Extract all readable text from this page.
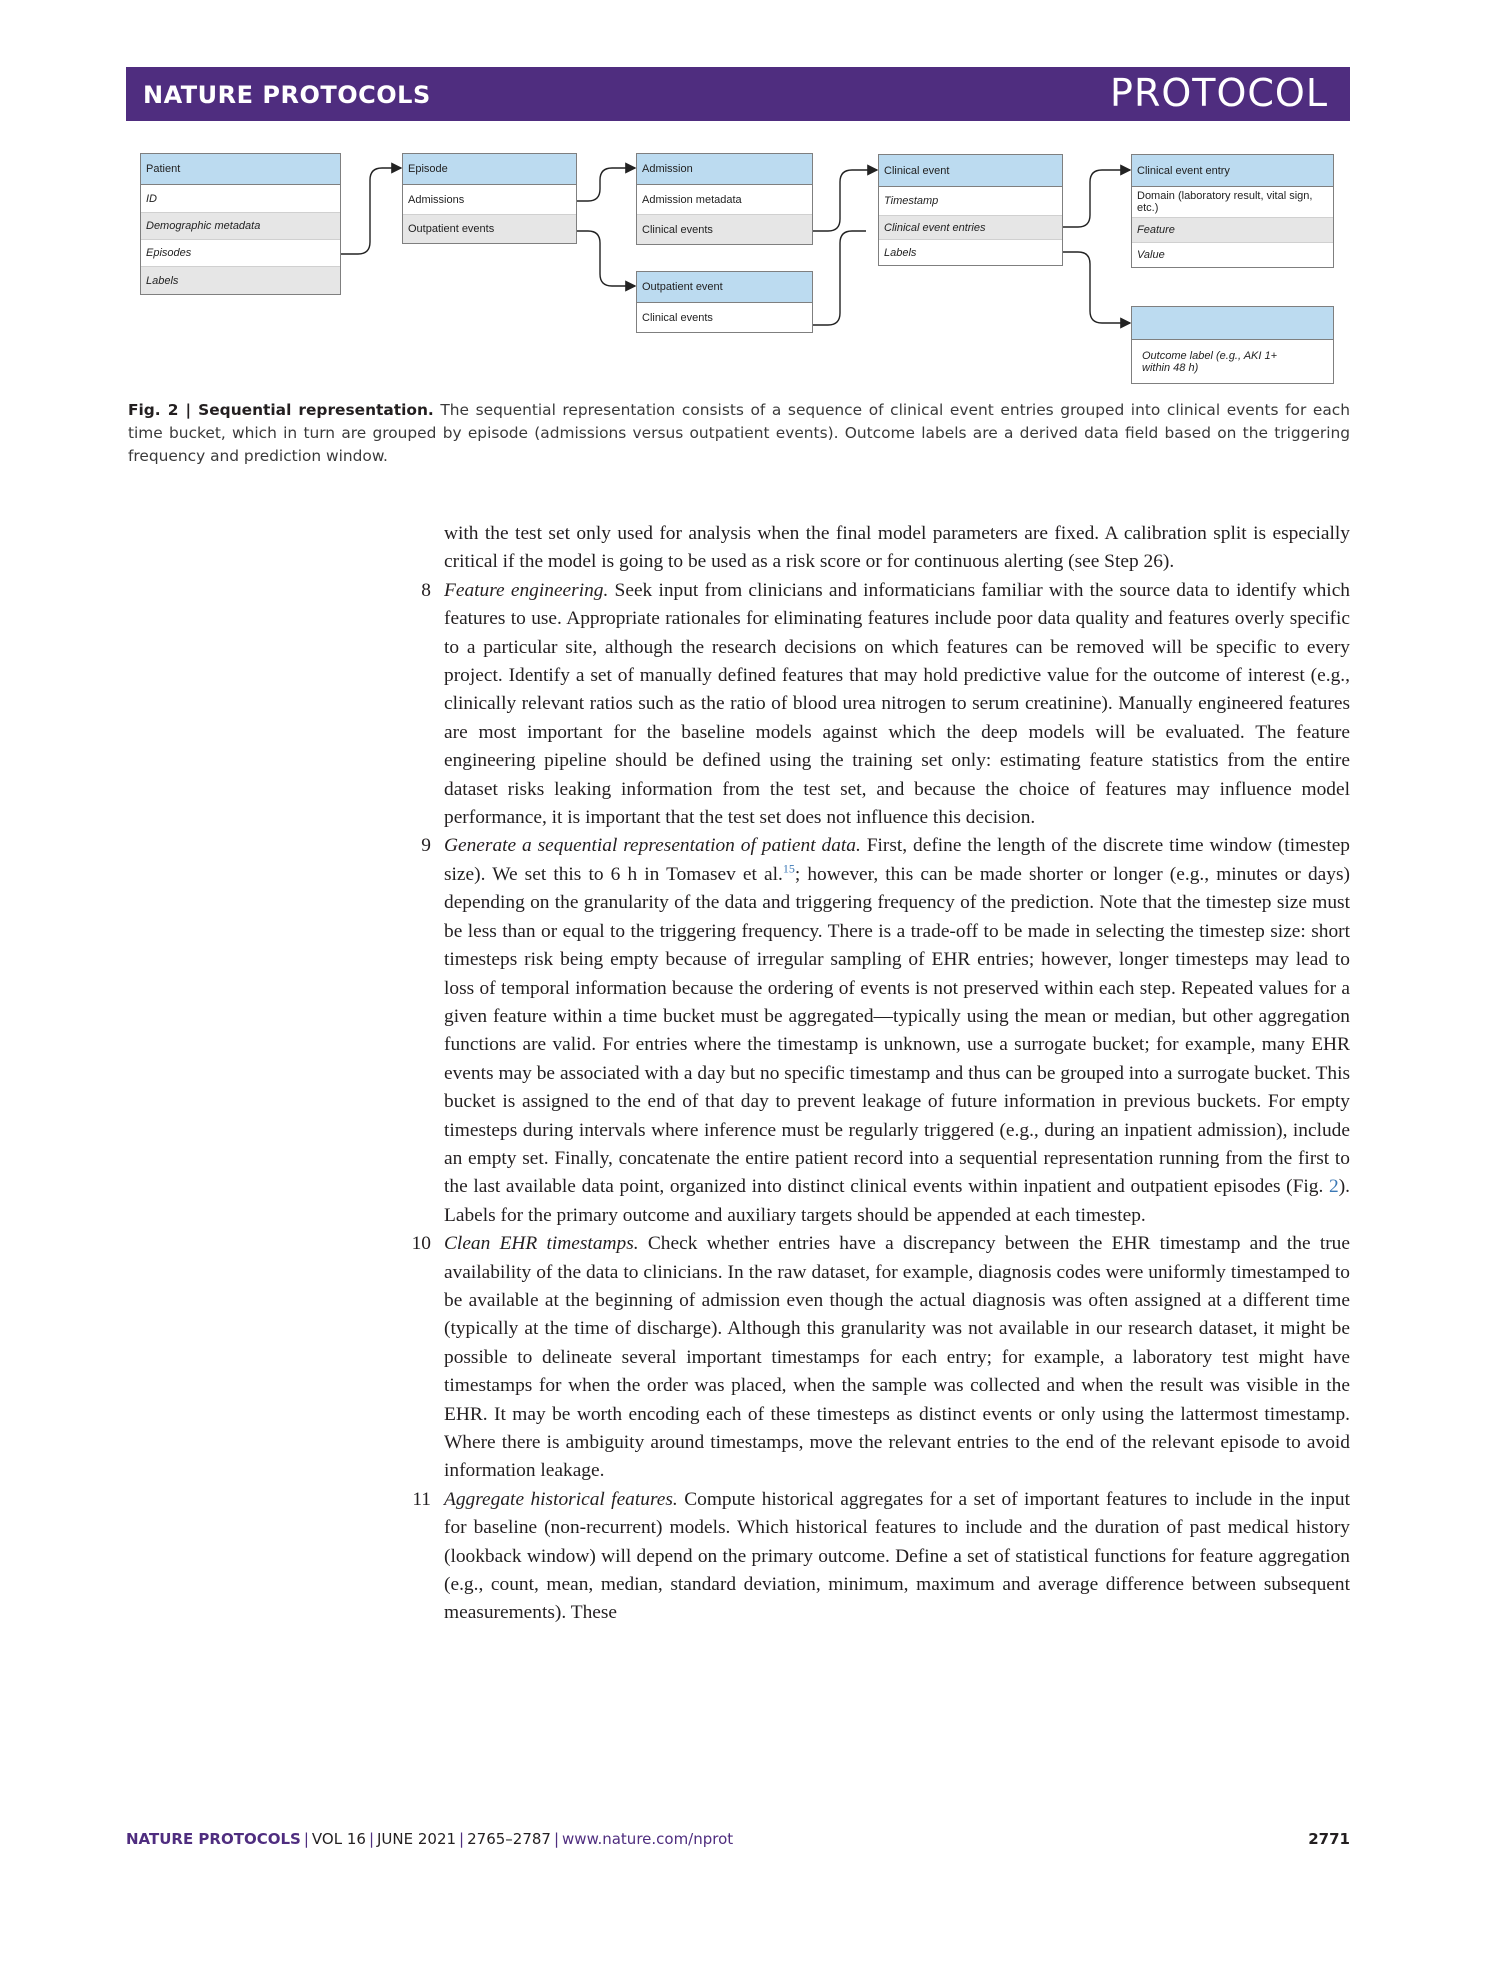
NATURE PROTOCOLS	PROTOCOL
Patient
ID
Demographic metadata
Episodes
Labels
Episode
Admissions
Outpatient events
Admission
Admission metadata
Clinical events
Outpatient event
Clinical events
Clinical event
Timestamp
Clinical event entries
Labels
Clinical event entry
Domain (laboratory result, vital sign, etc.)
Feature
Value
Outcome label (e.g., AKI 1+ within 48 h)
Fig. 2 | Sequential representation. The sequential representation consists of a sequence of clinical event entries grouped into clinical events for each time bucket, which in turn are grouped by episode (admissions versus outpatient events). Outcome labels are a derived data field based on the triggering frequency and prediction window.

with the test set only used for analysis when the final model parameters are fixed. A calibration split is especially critical if the model is going to be used as a risk score or for continuous alerting (see Step 26).

8 Feature engineering. Seek input from clinicians and informaticians familiar with the source data to identify which features to use. Appropriate rationales for eliminating features include poor data quality and features overly specific to a particular site, although the research decisions on which features can be removed will be specific to every project. Identify a set of manually defined features that may hold predictive value for the outcome of interest (e.g., clinically relevant ratios such as the ratio of blood urea nitrogen to serum creatinine). Manually engineered features are most important for the baseline models against which the deep models will be evaluated. The feature engineering pipeline should be defined using the training set only: estimating feature statistics from the entire dataset risks leaking information from the test set, and because the choice of features may influence model performance, it is important that the test set does not influence this decision.
9 Generate a sequential representation of patient data. First, define the length of the discrete time window (timestep size). We set this to 6 h in Tomasev et al.$^{15}$; however, this can be made shorter or longer (e.g., minutes or days) depending on the granularity of the data and triggering frequency of the prediction. Note that the timestep size must be less than or equal to the triggering frequency. There is a trade-off to be made in selecting the timestep size: short timesteps risk being empty because of irregular sampling of EHR entries; however, longer timesteps may lead to loss of temporal information because the ordering of events is not preserved within each step. Repeated values for a given feature within a time bucket must be aggregated—typically using the mean or median, but other aggregation functions are valid. For entries where the timestamp is unknown, use a surrogate bucket; for example, many EHR events may be associated with a day but no specific timestamp and thus can be grouped into a surrogate bucket. This bucket is assigned to the end of that day to prevent leakage of future information in previous buckets. For empty timesteps during intervals where inference must be regularly triggered (e.g., during an inpatient admission), include an empty set. Finally, concatenate the entire patient record into a sequential representation running from the first to the last available data point, organized into distinct clinical events within inpatient and outpatient episodes (Fig. 2). Labels for the primary outcome and auxiliary targets should be appended at each timestep.
10 Clean EHR timestamps. Check whether entries have a discrepancy between the EHR timestamp and the true availability of the data to clinicians. In the raw dataset, for example, diagnosis codes were uniformly timestamped to be available at the beginning of admission even though the actual diagnosis was often assigned at a different time (typically at the time of discharge). Although this granularity was not available in our research dataset, it might be possible to delineate several important timestamps for each entry; for example, a laboratory test might have timestamps for when the order was placed, when the sample was collected and when the result was visible in the EHR. It may be worth encoding each of these timesteps as distinct events or only using the lattermost timestamp. Where there is ambiguity around timestamps, move the relevant entries to the end of the relevant episode to avoid information leakage.
11 Aggregate historical features. Compute historical aggregates for a set of important features to include in the input for baseline (non-recurrent) models. Which historical features to include and the duration of past medical history (lookback window) will depend on the primary outcome. Define a set of statistical functions for feature aggregation (e.g., count, mean, median, standard deviation, minimum, maximum and average difference between subsequent measurements). These
NATURE PROTOCOLS | VOL 16 | JUNE 2021 | 2765–2787 | www.nature.com/nprot	2771
